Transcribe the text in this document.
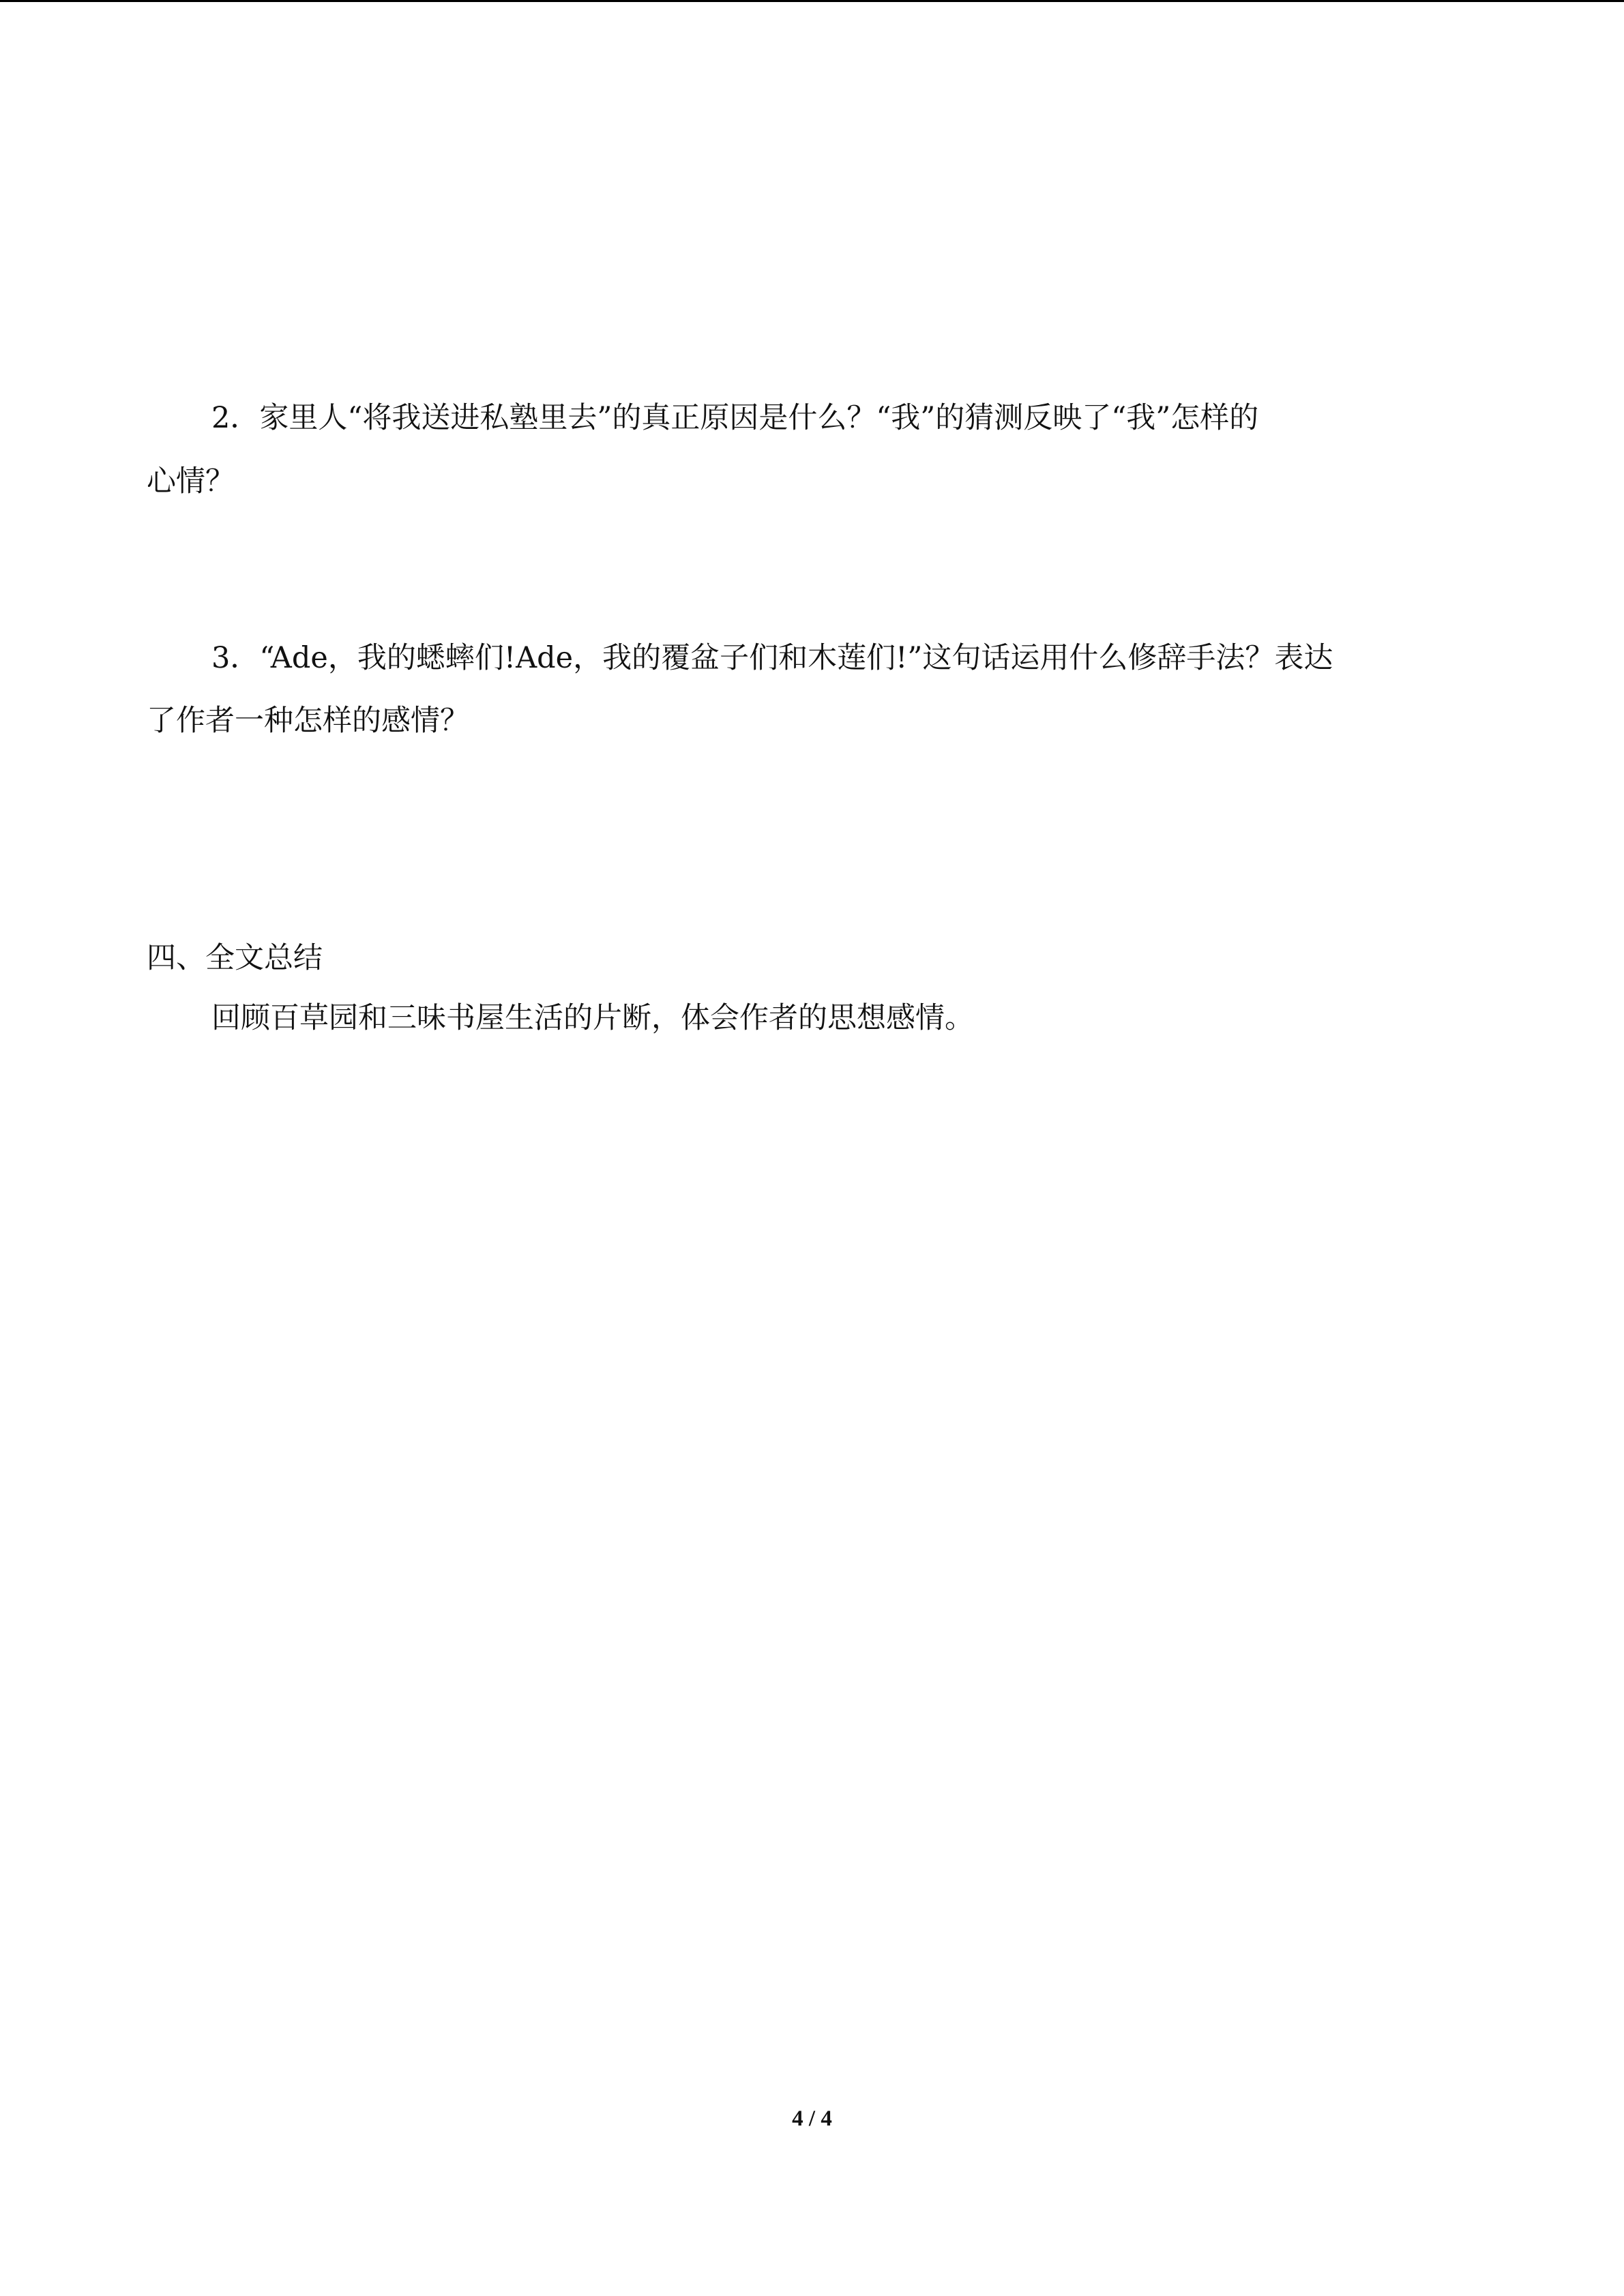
2．家里人“将我送进私塾里去”的真正原因是什么？“我”的猜测反映了“我”怎样的
心情？
3．“Ade，我的蟋蟀们!Ade，我的覆盆子们和木莲们!”这句话运用什么修辞手法？表达
了作者一种怎样的感情？
四、全文总结
回顾百草园和三味书屋生活的片断，体会作者的思想感情。
4 / 4
